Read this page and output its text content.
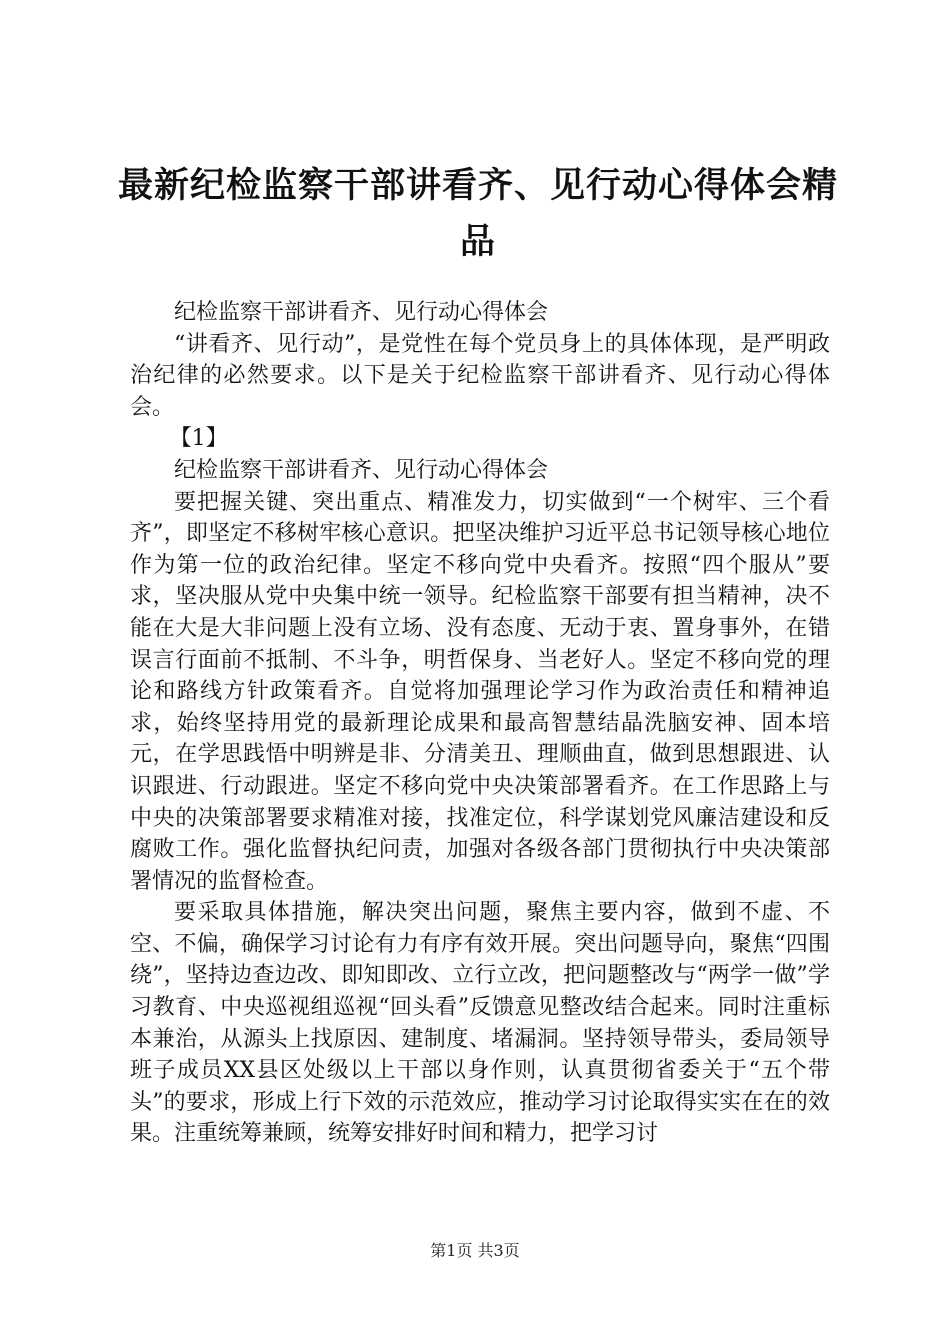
最新纪检监察干部讲看齐、见行动心得体会精品

纪检监察干部讲看齐、见行动心得体会

“讲看齐、见行动”，是党性在每个党员身上的具体体现，是严明政治纪律的必然要求。以下是关于纪检监察干部讲看齐、见行动心得体会。

【1】

纪检监察干部讲看齐、见行动心得体会

要把握关键、突出重点、精准发力，切实做到“一个树牢、三个看齐”，即坚定不移树牢核心意识。把坚决维护习近平总书记领导核心地位作为第一位的政治纪律。坚定不移向党中央看齐。按照“四个服从”要求，坚决服从党中央集中统一领导。纪检监察干部要有担当精神，决不能在大是大非问题上没有立场、没有态度、无动于衷、置身事外，在错误言行面前不抵制、不斗争，明哲保身、当老好人。坚定不移向党的理论和路线方针政策看齐。自觉将加强理论学习作为政治责任和精神追求，始终坚持用党的最新理论成果和最高智慧结晶洗脑安神、固本培元，在学思践悟中明辨是非、分清美丑、理顺曲直，做到思想跟进、认识跟进、行动跟进。坚定不移向党中央决策部署看齐。在工作思路上与中央的决策部署要求精准对接，找准定位，科学谋划党风廉洁建设和反腐败工作。强化监督执纪问责，加强对各级各部门贯彻执行中央决策部署情况的监督检查。

要采取具体措施，解决突出问题，聚焦主要内容，做到不虚、不空、不偏，确保学习讨论有力有序有效开展。突出问题导向，聚焦“四围绕”，坚持边查边改、即知即改、立行立改，把问题整改与“两学一做”学习教育、中央巡视组巡视“回头看”反馈意见整改结合起来。同时注重标本兼治，从源头上找原因、建制度、堵漏洞。坚持领导带头，委局领导班子成员XX县区处级以上干部以身作则，认真贯彻省委关于“五个带头”的要求，形成上行下效的示范效应，推动学习讨论取得实实在在的效果。注重统筹兼顾，统筹安排好时间和精力，把学习讨

第1页 共3页
